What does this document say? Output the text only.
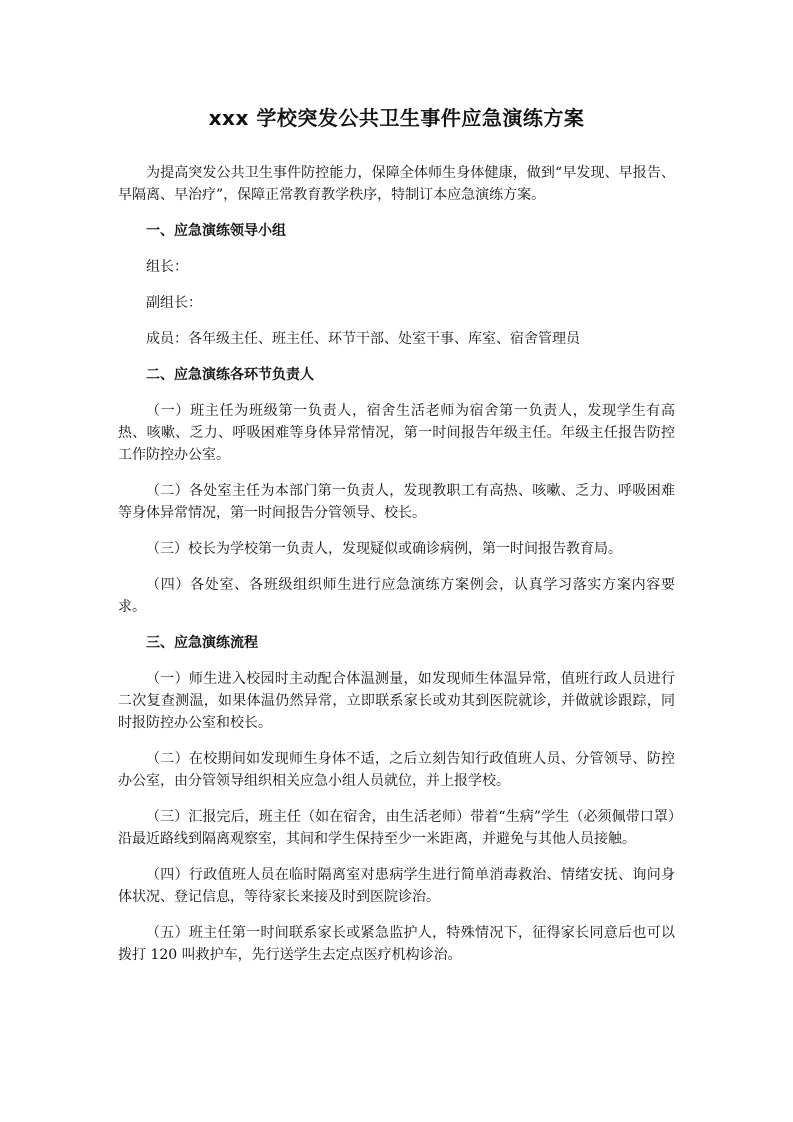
xxx 学校突发公共卫生事件应急演练方案

为提高突发公共卫生事件防控能力，保障全体师生身体健康，做到“早发现、早报告、早隔离、早治疗”，保障正常教育教学秩序，特制订本应急演练方案。

一、应急演练领导小组

组长：

副组长：

成员：各年级主任、班主任、环节干部、处室干事、库室、宿舍管理员

二、应急演练各环节负责人

（一）班主任为班级第一负责人，宿舍生活老师为宿舍第一负责人，发现学生有高热、咳嗽、乏力、呼吸困难等身体异常情况，第一时间报告年级主任。年级主任报告防控工作防控办公室。

（二）各处室主任为本部门第一负责人，发现教职工有高热、咳嗽、乏力、呼吸困难等身体异常情况，第一时间报告分管领导、校长。

（三）校长为学校第一负责人，发现疑似或确诊病例，第一时间报告教育局。

（四）各处室、各班级组织师生进行应急演练方案例会，认真学习落实方案内容要求。

三、应急演练流程

（一）师生进入校园时主动配合体温测量，如发现师生体温异常，值班行政人员进行二次复查测温，如果体温仍然异常，立即联系家长或劝其到医院就诊，并做就诊跟踪，同时报防控办公室和校长。

（二）在校期间如发现师生身体不适，之后立刻告知行政值班人员、分管领导、防控办公室，由分管领导组织相关应急小组人员就位，并上报学校。

（三）汇报完后，班主任（如在宿舍，由生活老师）带着“生病”学生（必须佩带口罩）沿最近路线到隔离观察室，其间和学生保持至少一米距离，并避免与其他人员接触。

（四）行政值班人员在临时隔离室对患病学生进行简单消毒救治、情绪安抚、询问身体状况、登记信息，等待家长来接及时到医院诊治。

（五）班主任第一时间联系家长或紧急监护人，特殊情况下，征得家长同意后也可以拨打 120 叫救护车，先行送学生去定点医疗机构诊治。
